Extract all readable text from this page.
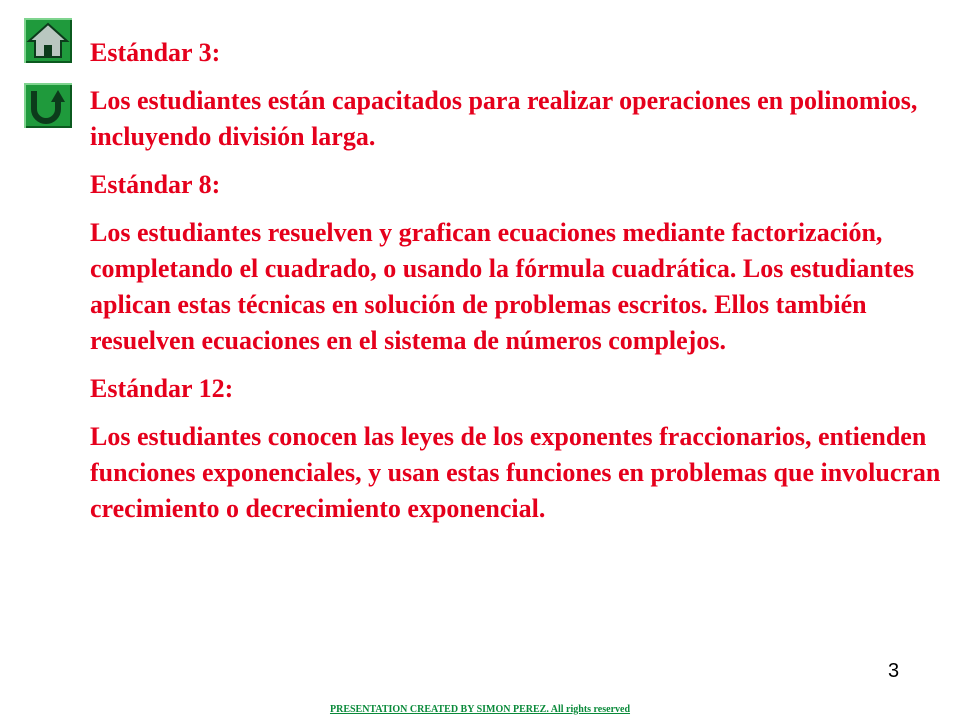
Estándar 3:

Los estudiantes están capacitados para realizar operaciones en polinomios, incluyendo división larga.

Estándar 8:

Los estudiantes resuelven y grafican ecuaciones mediante factorización, completando el cuadrado, o usando la fórmula cuadrática. Los estudiantes aplican estas técnicas en solución de problemas escritos. Ellos también resuelven ecuaciones en el sistema de números complejos.

Estándar 12:

Los estudiantes conocen las leyes de los exponentes fraccionarios, entienden funciones exponenciales, y usan estas funciones en problemas que involucran crecimiento o decrecimiento exponencial.

3
PRESENTATION CREATED BY SIMON PEREZ. All rights reserved
